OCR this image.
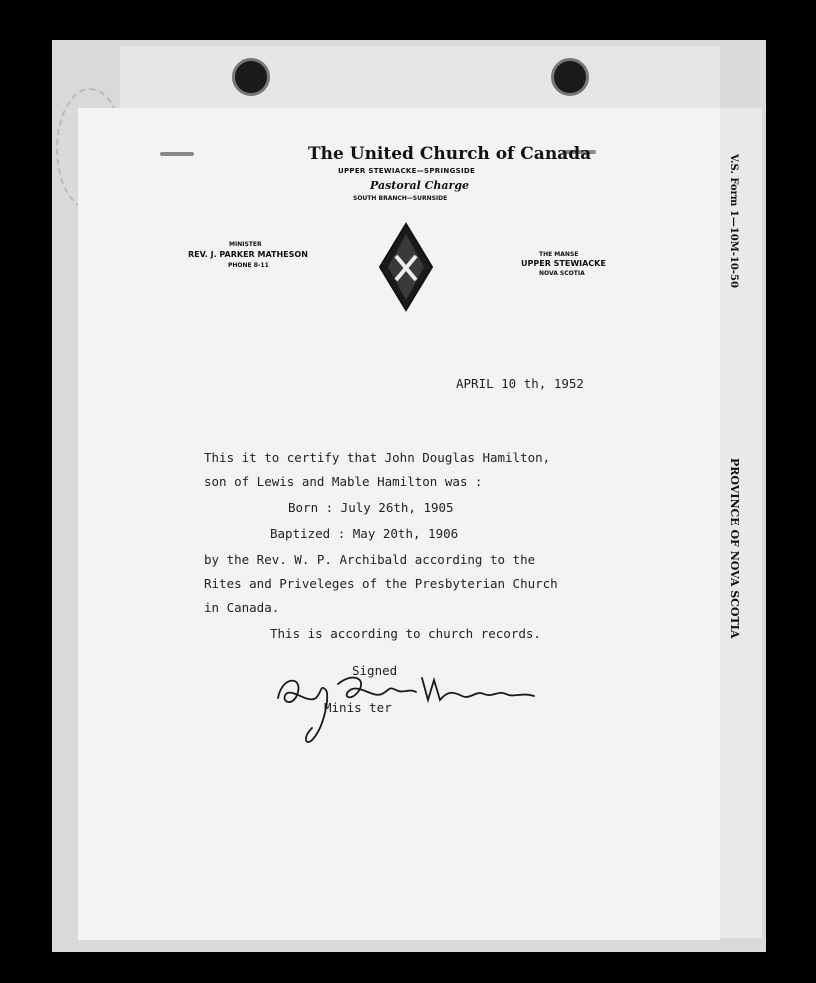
V.S. Form 1—10M-10-50
PROVINCE OF NOVA SCOTIA
The United Church of Canada
UPPER STEWIACKE—SPRINGSIDE
Pastoral Charge
SOUTH BRANCH—SURNSIDE
MINISTER
REV. J. PARKER MATHESON
PHONE 8-11
THE MANSE
UPPER STEWIACKE
NOVA SCOTIA
APRIL 10 th, 1952
This it to certify that John Douglas Hamilton,
son of Lewis and Mable Hamilton was :
Born : July 26th, 1905
Baptized : May 20th, 1906
by the Rev. W. P. Archibald according to the
Rites and Priveleges of the Presbyterian Church
in Canada.
This is according to church records.
Signed
Rev. J. Parker Matheson
Minis ter
